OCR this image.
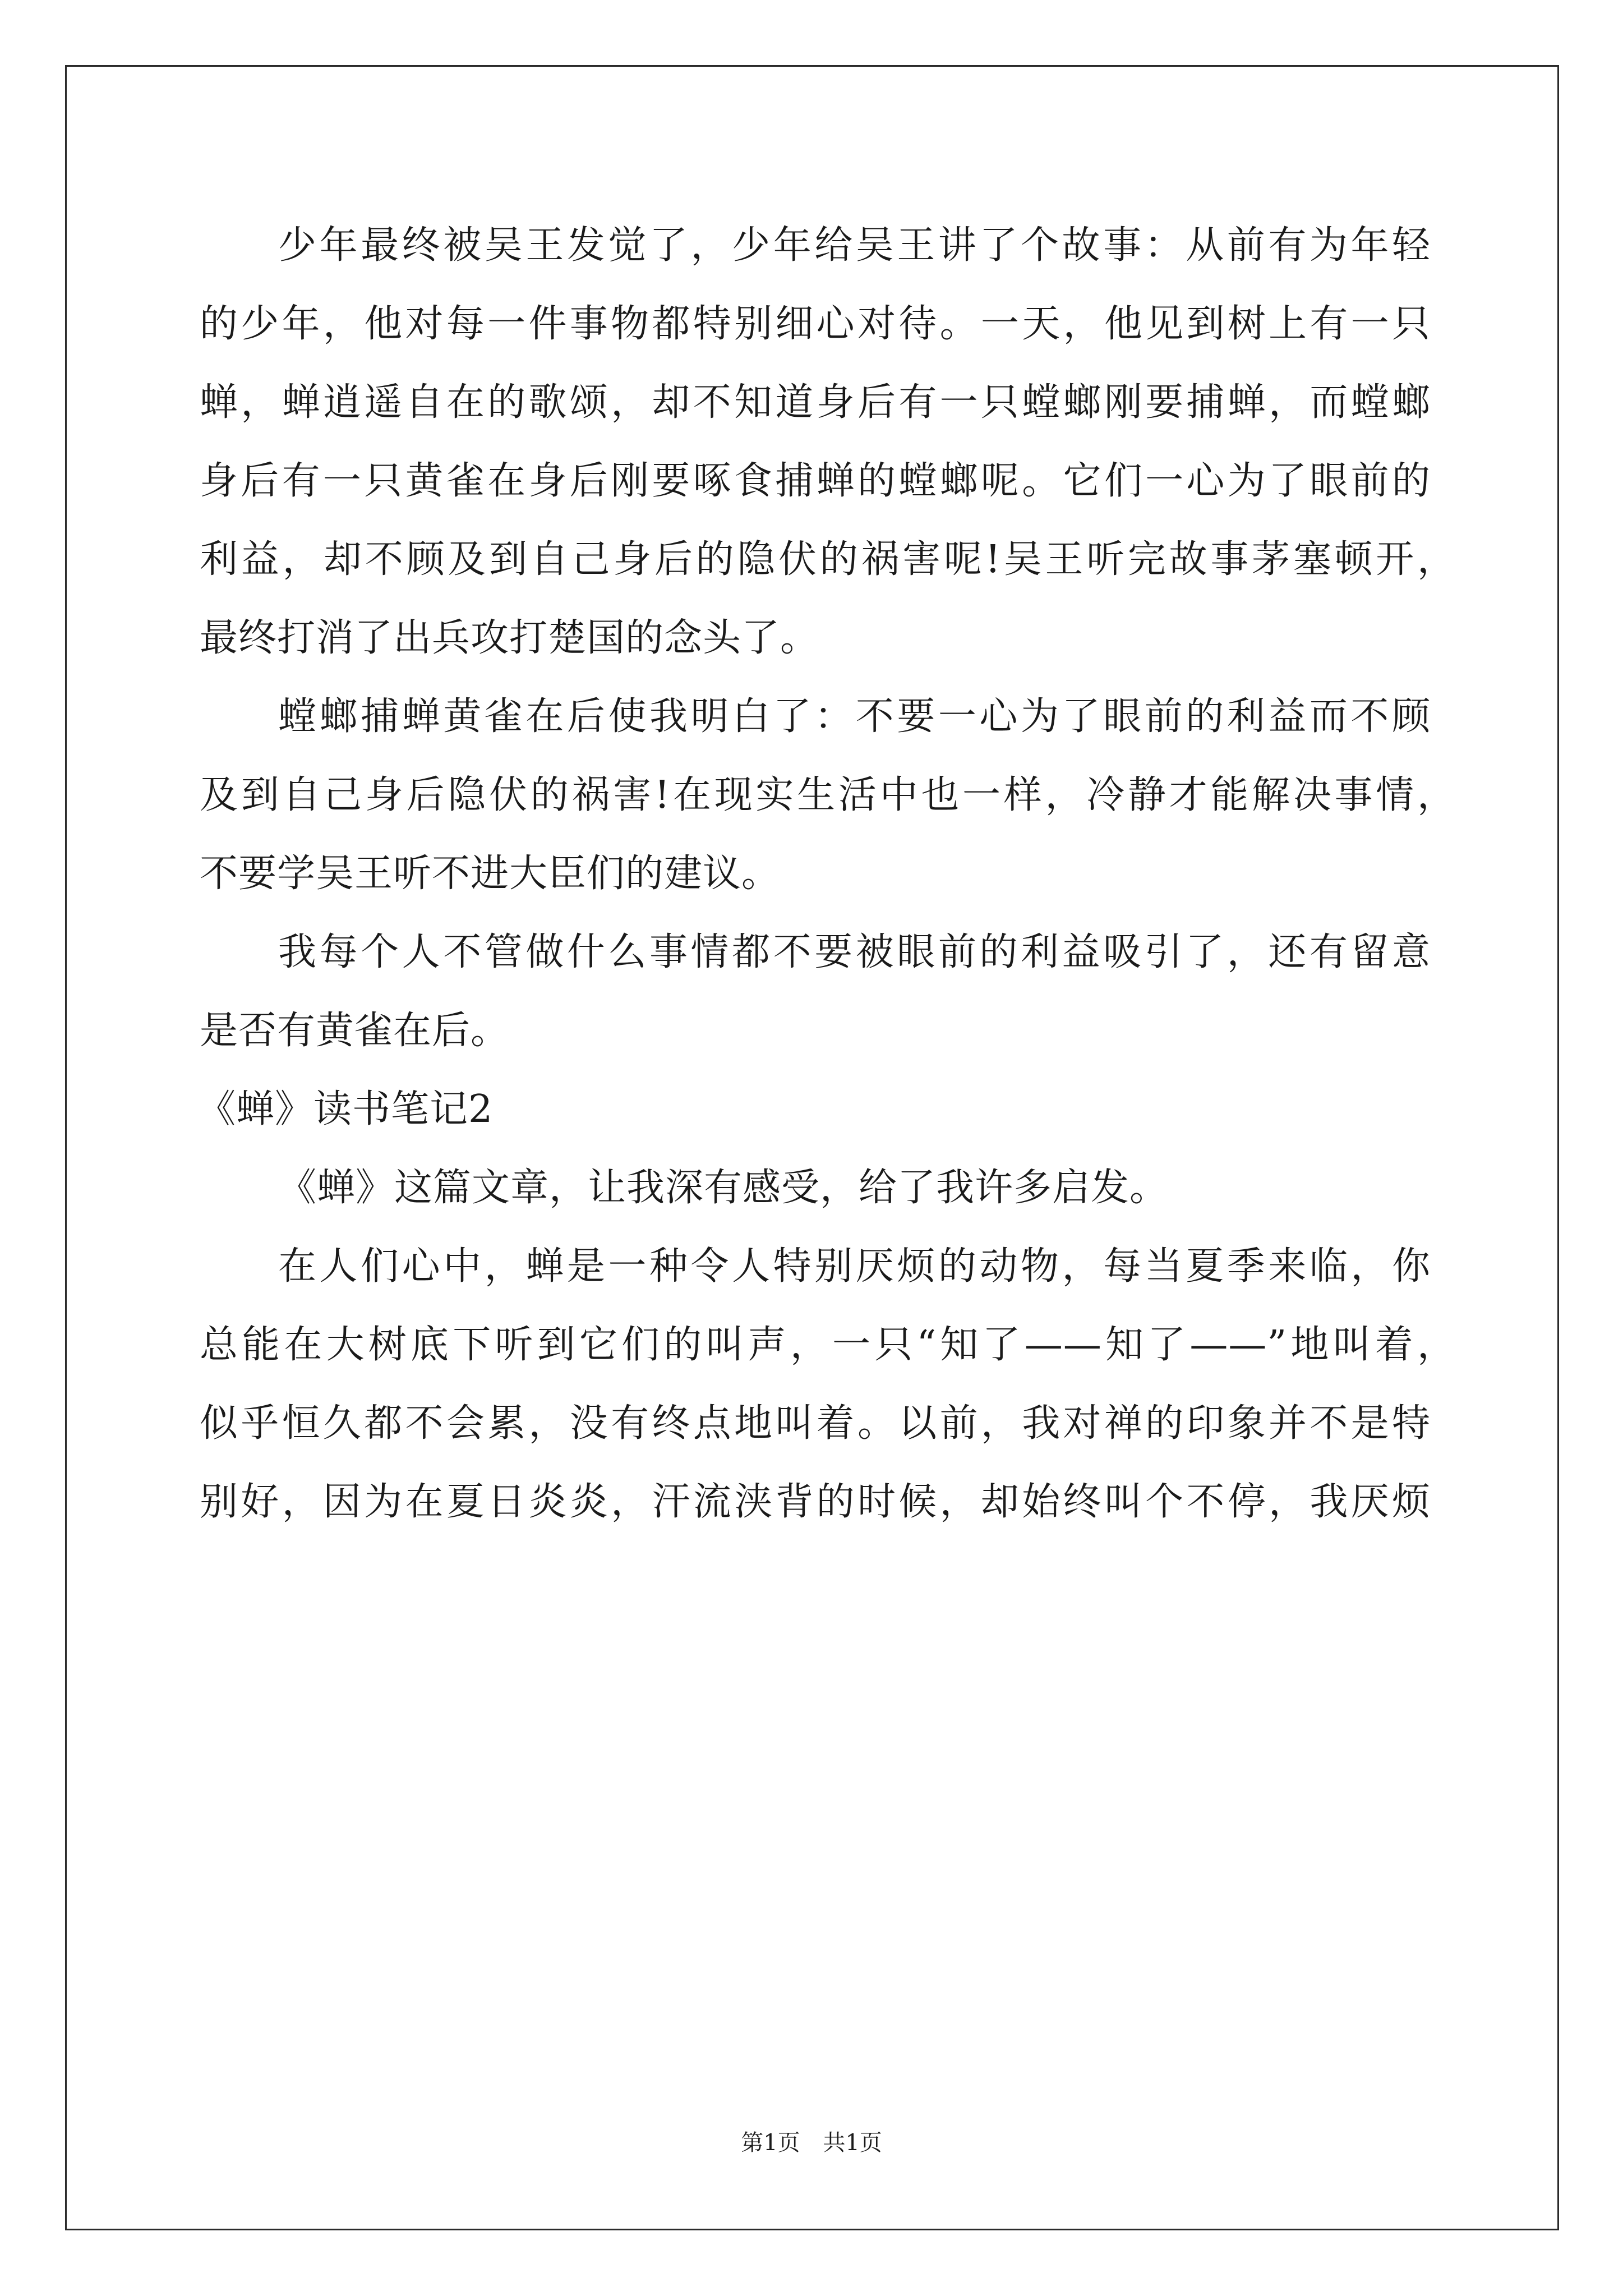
少年最终被吴王发觉了，少年给吴王讲了个故事：从前有为年轻

的少年，他对每一件事物都特别细心对待。一天，他见到树上有一只

蝉，蝉逍遥自在的歌颂，却不知道身后有一只螳螂刚要捕蝉，而螳螂

身后有一只黄雀在身后刚要啄食捕蝉的螳螂呢。它们一心为了眼前的

利益，却不顾及到自己身后的隐伏的祸害呢!吴王听完故事茅塞顿开，

最终打消了出兵攻打楚国的念头了。

螳螂捕蝉黄雀在后使我明白了：不要一心为了眼前的利益而不顾

及到自己身后隐伏的祸害!在现实生活中也一样，冷静才能解决事情，

不要学吴王听不进大臣们的建议。

我每个人不管做什么事情都不要被眼前的利益吸引了，还有留意

是否有黄雀在后。

《蝉》读书笔记2

《蝉》这篇文章，让我深有感受，给了我许多启发。

在人们心中，蝉是一种令人特别厌烦的动物，每当夏季来临，你

总能在大树底下听到它们的叫声，一只“知了——知了——”地叫着，

似乎恒久都不会累，没有终点地叫着。以前，我对禅的印象并不是特

别好，因为在夏日炎炎，汗流浃背的时候，却始终叫个不停，我厌烦

第1页 共1页
